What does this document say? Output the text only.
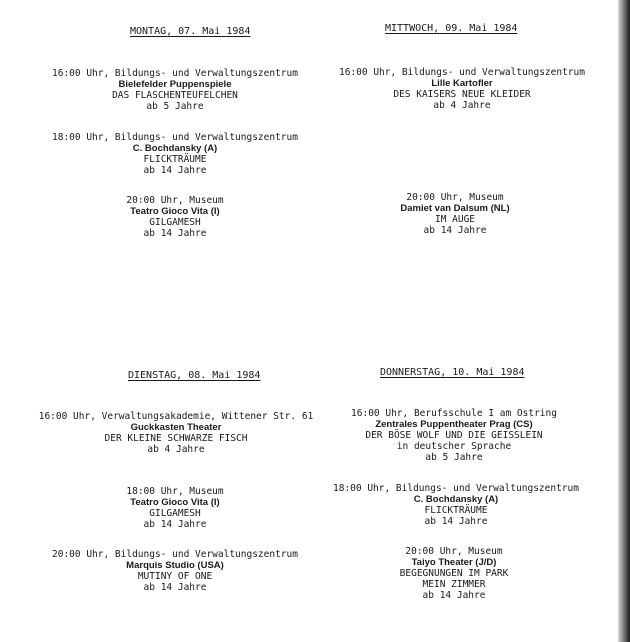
MONTAG, 07. Mai 1984
16:00 Uhr, Bildungs- und Verwaltungszentrum
Bielefelder Puppenspiele
DAS FLASCHENTEUFELCHEN
ab 5 Jahre
18:00 Uhr, Bildungs- und Verwaltungszentrum
C. Bochdansky (A)
FLICKTRÄUME
ab 14 Jahre
20:00 Uhr, Museum
Teatro Gioco Vita (I)
GILGAMESH
ab 14 Jahre
MITTWOCH, 09. Mai 1984
16:00 Uhr, Bildungs- und Verwaltungszentrum
Lille Kartofler
DES KAISERS NEUE KLEIDER
ab 4 Jahre
20:00 Uhr, Museum
Damiet van Dalsum (NL)
IM AUGE
ab 14 Jahre
DIENSTAG, 08. Mai 1984
16:00 Uhr, Verwaltungsakademie, Wittener Str. 61
Guckkasten Theater
DER KLEINE SCHWARZE FISCH
ab 4 Jahre
18:00 Uhr, Museum
Teatro Gioco Vita (I)
GILGAMESH
ab 14 Jahre
20:00 Uhr, Bildungs- und Verwaltungszentrum
Marquis Studio (USA)
MUTINY OF ONE
ab 14 Jahre
DONNERSTAG, 10. Mai 1984
16:00 Uhr, Berufsschule I am Ostring
Zentrales Puppentheater Prag (CS)
DER BÖSE WOLF UND DIE GEISSLEIN
in deutscher Sprache
ab 5 Jahre
18:00 Uhr, Bildungs- und Verwaltungszentrum
C. Bochdansky (A)
FLICKTRÄUME
ab 14 Jahre
20:00 Uhr, Museum
Taiyo Theater (J/D)
BEGEGNUNGEN IM PARK
MEIN ZIMMER
ab 14 Jahre
